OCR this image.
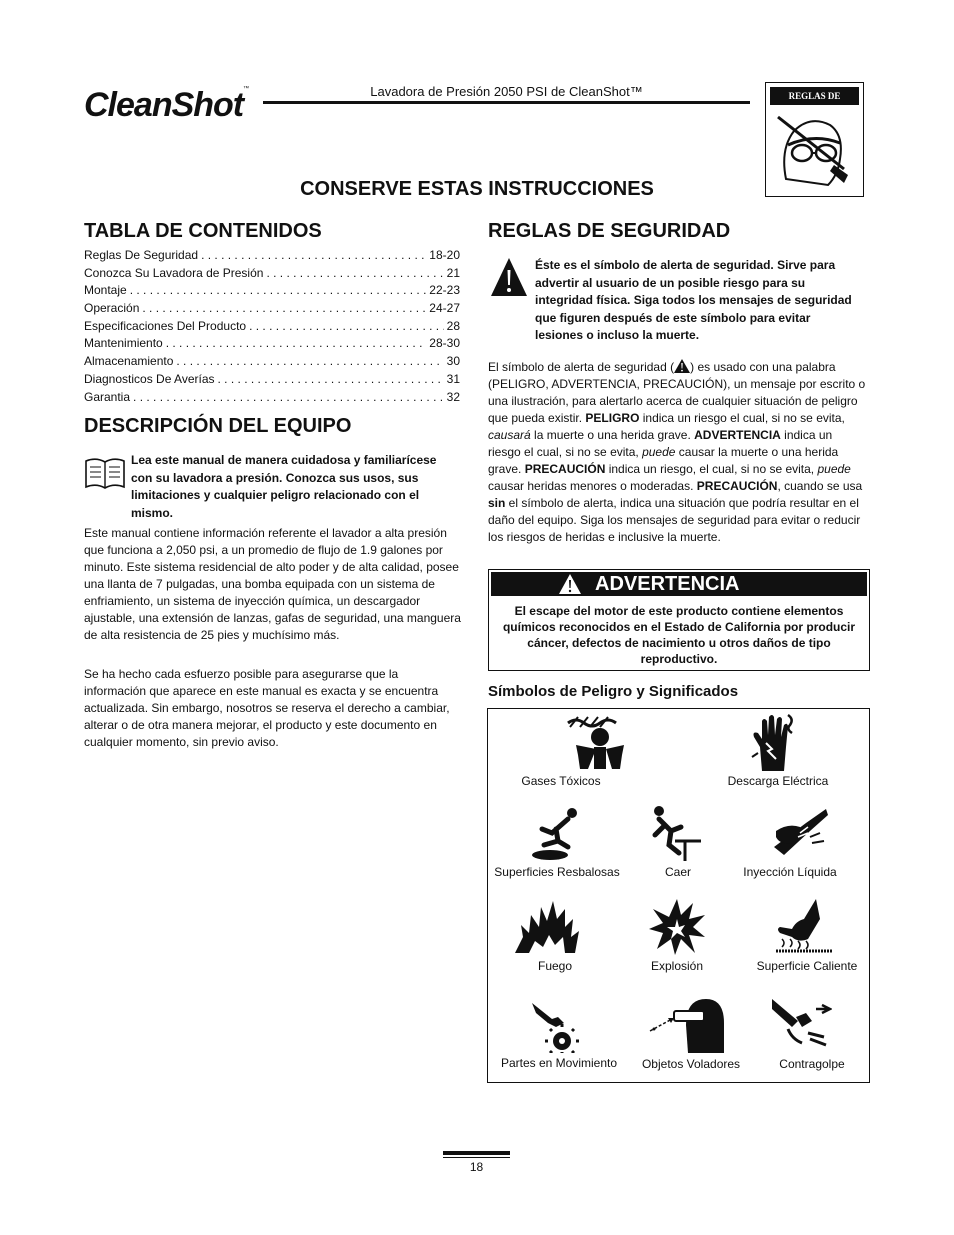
CleanShot™	Lavadora de Presión 2050 PSI de CleanShot™	REGLAS DE SEGURIDAD
CONSERVE ESTAS INSTRUCCIONES
TABLA DE CONTENIDOS
Reglas De Seguridad . . .	18-20
Conozca Su Lavadora de Presión . . .	21
Montaje . . .	22-23
Operación . . .	24-27
Especificaciones Del Producto . . .	28
Mantenimiento . . .	28-30
Almacenamiento . . .	30
Diagnosticos De Averías . . .	31
Garantia . . .	32
DESCRIPCIÓN DEL EQUIPO
Lea este manual de manera cuidadosa y familiarícese con su lavadora a presión. Conozca sus usos, sus limitaciones y cualquier peligro relacionado con el mismo.
Este manual contiene información referente el lavador a alta presión que funciona a 2,050 psi, a un promedio de flujo de 1.9 galones por minuto. Este sistema residencial de alto poder y de alta calidad, posee una llanta de 7 pulgadas, una bomba equipada con un sistema de enfriamiento, un sistema de inyección química, un descargador ajustable, una extensión de lanzas, gafas de seguridad, una manguera de alta resistencia de 25 pies y muchísimo más.
Se ha hecho cada esfuerzo posible para asegurarse que la información que aparece en este manual es exacta y se encuentra actualizada. Sin embargo, nosotros se reserva el derecho a cambiar, alterar o de otra manera mejorar, el producto y este documento en cualquier momento, sin previo aviso.
REGLAS DE SEGURIDAD
Éste es el símbolo de alerta de seguridad. Sirve para advertir al usuario de un posible riesgo para su integridad física. Siga todos los mensajes de seguridad que figuren después de este símbolo para evitar lesiones o incluso la muerte.
El símbolo de alerta de seguridad ( ) es usado con una palabra (PELIGRO, ADVERTENCIA, PRECAUCIÓN), un mensaje por escrito o una ilustración, para alertarlo acerca de cualquier situación de peligro que pueda existir. PELIGRO indica un riesgo el cual, si no se evita, causará la muerte o una herida grave. ADVERTENCIA indica un riesgo el cual, si no se evita, puede causar la muerte o una herida grave. PRECAUCIÓN indica un riesgo, el cual, si no se evita, puede causar heridas menores o moderadas. PRECAUCIÓN, cuando se usa sin el símbolo de alerta, indica una situación que podría resultar en el daño del equipo. Siga los mensajes de seguridad para evitar o reducir los riesgos de heridas e inclusive la muerte.
ADVERTENCIA
El escape del motor de este producto contiene elementos químicos reconocidos en el Estado de California por producir cáncer, defectos de nacimiento u otros daños de tipo reproductivo.
Símbolos de Peligro y Significados
Gases Tóxicos	Descarga Eléctrica
Superficies Resbalosas	Caer	Inyección Líquida
Fuego	Explosión	Superficie Caliente
Partes en Movimiento	Objetos Voladores	Contragolpe
18
